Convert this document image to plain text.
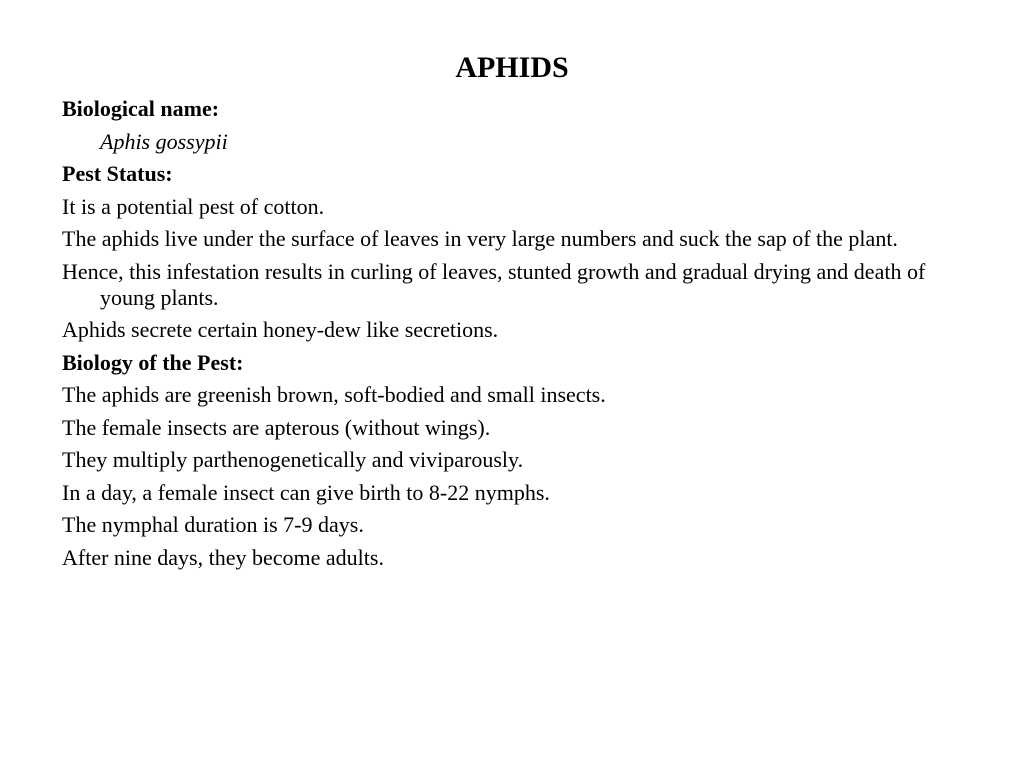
APHIDS

Biological name:

Aphis gossypii

Pest Status:

It is a potential pest of cotton.

The aphids live under the surface of leaves in very large numbers and suck the sap of the plant.

Hence, this infestation results in curling of leaves, stunted growth and gradual drying and death of young plants.

Aphids secrete certain honey-dew like secretions.

Biology of the Pest:

The aphids are greenish brown, soft-bodied and small insects.

The female insects are apterous (without wings).

They multiply parthenogenetically and viviparously.

In a day, a female insect can give birth to 8-22 nymphs.

The nymphal duration is 7-9 days.

After nine days, they become adults.
